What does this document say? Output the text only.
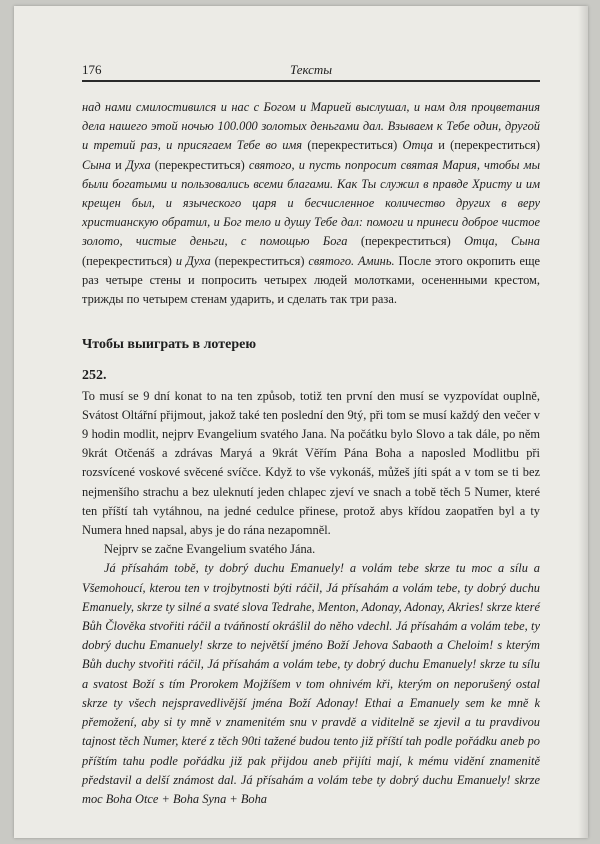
176	Тексты

над нами смилостивился и нас с Богом и Марией выслушал, и нам для процветания дела нашего этой ночью 100.000 золотых деньгами дал. Взываем к Тебе один, другой и третий раз, и присягаем Тебе во имя (перекреститься) Отца и (перекреститься) Сына и Духа (перекреститься) святого, и пусть попросит святая Мария, чтобы мы были богатыми и пользовались всеми благами. Как Ты служил в правде Христу и им крещен был, и языческого царя и бесчисленное количество других в веру христианскую обратил, и Бог тело и душу Тебе дал: помоги и принеси доброе чистое золото, чистые деньги, с помощью Бога (перекреститься) Отца, Сына (перекреститься) и Духа (перекреститься) святого. Аминь. После этого окропить еще раз четыре стены и попросить четырех людей молотками, осененными крестом, трижды по четырем стенам ударить, и сделать так три раза.

Чтобы выиграть в лотерею

252.

To musí se 9 dní konat to na ten způsob, totiž ten první den musí se vyzpovídat ouplně, Svátost Oltářní přijmout, jakož také ten poslední den 9tý, při tom se musí každý den večer v 9 hodin modlit, nejprv Evangelium svatého Jana. Na počátku bylo Slovo a tak dále, po něm 9krát Otčenáš a zdrávas Maryá a 9krát Věřím Pána Boha a naposled Modlitbu při rozsvícené voskové svěcené svíčce. Když to vše vykonáš, můžeš jíti spát a v tom se ti bez nejmenšího strachu a bez uleknutí jeden chlapec zjeví ve snach a tobě těch 5 Numer, které ten příští tah vytáhnou, na jedné cedulce přinese, protož abys křídou zaopatřen byl a ty Numera hned napsal, abys je do rána nezapomněl.

Nejprv se začne Evangelium svatého Jána.

Já přísahám tobě, ty dobrý duchu Emanuely! a volám tebe skrze tu moc a sílu a Všemohoucí, kterou ten v trojbytnosti býti ráčil, Já přísahám a volám tebe, ty dobrý duchu Emanuely, skrze ty silné a svaté slova Tedrahe, Menton, Adonay, Adonay, Akries! skrze které Bůh Člověka stvořiti ráčil a tváňností okrášlil do něho vdechl. Já přísahám a volám tebe, ty dobrý duchu Emanuely! skrze to největší jméno Boží Jehova Sabaoth a Cheloim! s kterým Bůh duchy stvořiti ráčil, Já přísahám a volám tebe, ty dobrý duchu Emanuely! skrze tu sílu a svatost Boží s tím Prorokem Mojžíšem v tom ohnivém kři, kterým on neporušený ostal skrze ty všech nejspravedlivější jména Boží Adonay! Ethai a Emanuely sem ke mně k přemožení, aby si ty mně v znamenitém snu v pravdě a viditelně se zjevil a tu pravdivou tajnost těch Numer, které z těch 90ti tažené budou tento již příští tah podle pořádku aneb po příštím tahu podle pořádku již pak přijdou aneb přijíti mají, k mému vidění znamenitě představil a delší známost dal. Já přísahám a volám tebe ty dobrý duchu Emanuely! skrze moc Boha Otce + Boha Syna + Boha
